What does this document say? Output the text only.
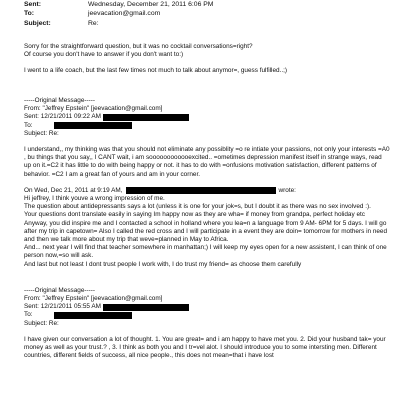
Sent:	Wednesday, December 21, 2011 6:06 PM
To:	jeevacation@gmail.com
Subject:	Re:

Sorry for the straightforward question, but it was no cocktail conversations=right?

Of course you don't have to answer if you don't want to:)

I went to a life coach, but the last few times not much to talk about anymor=, guess fulfilled..;)

-----Original Message-----
From: "Jeffrey Epstein" [jeevacation@gmail.com]
Sent: 12/21/2011 09:22 AM
To:
Subject: Re:

I understand,, my thinking was that you should not eliminate any possiblity =o re intiate your passions, not only your interests =A0 , bu things that you say,, I CANT wait, i am soooooooooooexcited.. =ometimes depression manifest itself in strange ways, read up on it.=C2 it has little to do with being happy or not. it has to do with =onfusions motivation satisfaction, different patterns of behavior. =C2 I am a great fan of yours and am in your corner.

On Wed, Dec 21, 2011 at 9:19 AM,	wrote:

Hi jeffrey, I think youve a wrong impression of me.

The question about antidepressants says a lot (unless it is one for your jok=s, but I doubt it as there was no sex involved :).

Your questions dont translate easily in saying Im happy now as they are wha= if money from grandpa, perfect holiday etc Anyway, you did inspire me and I contacted a school in holland where you lea=n a language from 9 AM- 6PM for 5 days. I will go after my trip in capetown= Also I called the red cross and I will participate in a event they are doin= tomorrow for mothers in need and then we talk more about my trip that weve=planned in May to Africa.

And... next year I will find that teacher somewhere in manhattan;) I will keep my eyes open for a new assistent, I can think of one person now,=so will ask.

And last but not least I dont trust people I work with, I do trust my friend= as choose them carefully

-----Original Message-----
From: "Jeffrey Epstein" [jeevacation@gmail.com]
Sent: 12/21/2011 05:55 AM
To:
Subject: Re:

I have given our conversation a lot of thought. 1. You are great= and i am happy to have met you. 2. Did your husband tak= your money as well as your trust.? , 3. I think as both you and I tr=vel alot. I should introduce you to some intersting men. Different countries, different fields of success, all nice people., this does not mean=that i have lost
